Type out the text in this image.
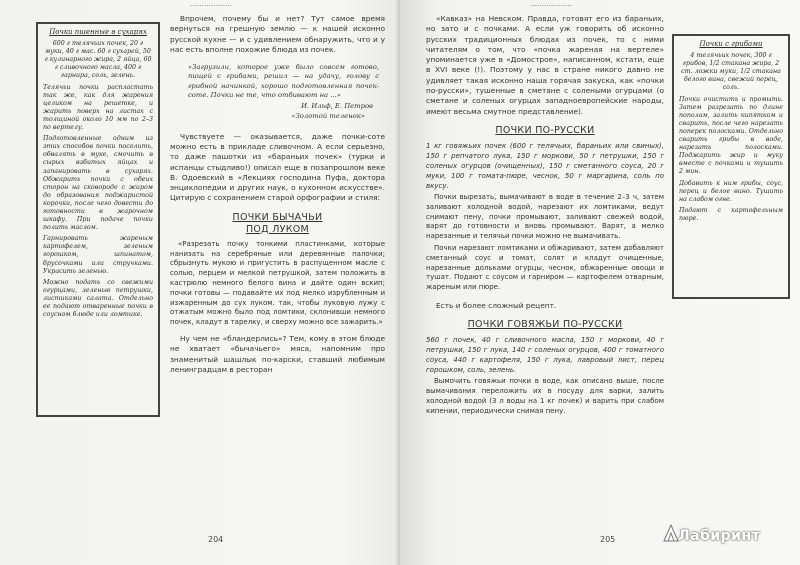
………………
Почки пшенные в сухарях

600 г телячьих почек, 20 г муки, 40 г мас. 60 г сухарей, 50 г кулинарного жира, 2 яйца, 60 г сливочного масла, 400 г гарнира, соль, зелень.

Телячьи почки распластать так же, как для жарения целиком на решетке, и жарить поверх на листах с толщиной около 10 мм по 2–3 по вертелу.

Подготовленные одним из этих способов почки посолить, обвалять в муке, смочить в сырых взбитых яйцах и запанировать в сухарях. Обжарить почки с обеих сторон на сковороде с жиром до образования поджаристой корочки, после чего довести до готовности в жарочном шкафу. При подаче почки полить маслом.

Гарнировать жареным картофелем, зеленым горошком, шпинатом, брусочками или стручками. Украсить зеленью.

Можно подать со свежими огурцами, зеленью петрушки, листиками салата. Отдельно ее подают отваренные почки в соусном блюде или ломтике.

Впрочем, почему бы и нет? Тут самое время вернуться на грешную землю — к нашей исконно русской кухне — и с удивлением обнаружить, что и у нас есть вполне похожие блюда из почек.

«Загрузили, которое уже было совсем готово, пищей с грибами, решил — на удачу, голову с грибной начинкой, хорошо подготовленная почек-соте. Почки не те, что отбивают на ...»
И. Ильф, Е. Петров
«Золотой теленок»

Чувствуете — оказывается, даже почки-соте можно есть в прикладе сливочном. А если серьезно, то даже пашотки из «бараньих почек» (турки и испанцы стыдливо!) описал еще в позапрошлом веке В. Одоевский в «Лекциях господина Пуфа, доктора энциклопедии и других наук, о кухонном искусстве». Цитирую с сохранением старой орфографии и стиля:

ПОЧКИ БЫЧАЧЬИ
ПОД ЛУКОМ

«Разрезать почку тонкими пластинками, которые нанизать на серебряные или деревянные палочки; сбрызнуть мукою и пригустить в распущенном масле с солью, перцем и мелкой петрушкой, затем положить в кастрюлю немного белого вина и дайте один вскип; почки готовы — подавайте их под мелко изрубленным и изжаренным до сух луком. так, чтобы луковую лужу с отжатым можно было под ломтики, склонивши немного почек, кладут в тарелку, и сверху можно все зажарить.»

Ну чем не «бландерлись»? Тем, кому в этом блюде не хватает «бычачьего» мяса, напомним про знаменитый шашлык по-карски, ставший любимым ленинградцам в ресторан

204
………………

«Кавказ» на Невском. Правда, готовят его из бараньих, но зато и с почками. А если уж говорить об исконно русских традиционных блюдах из почек, то с ними читателям о том, что «почка жареная на вертеле» упоминается уже в «Домострое», написанном, кстати, еще в XVI веке (!). Поэтому у нас в стране никого давно не удивляет такая исконно наша горячая закуска, как «почки по-русски», тушенные в сметане с солеными огурцами (о сметане и соленых огурцах западноевропейские народы, имеют весьма смутное представление).

ПОЧКИ ПО-РУССКИ
1 кг говяжьих почек (600 г телячьих, бараньих или свиных), 150 г репчатого лука, 150 г моркови, 50 г петрушки, 150 г соленых огурцов (очищенных), 150 г сметанного соуса, 20 г муки, 100 г томата-пюре, чеснок, 50 г маргарина, соль по вкусу.

Почки вырезать, вымачивают в воде в течение 2–3 ч, затем заливают холодной водой, нарезают их ломтиками, ведут снимают пену, почки промывают, заливают свежей водой, варят до готовности и вновь промывают. Варят, а мелко нарезанные и телячьи почки можно не вымачивать.

Почки нарезают ломтиками и обжаривают, затем добавляют сметанный соус и томат, солят и кладут очищенные, нарезанные дольками огурцы, чеснок, обжаренные овощи и тушат. Подают с соусом и гарниром — картофелем отварным, жареным или пюре.

Есть и более сложный рецепт.

ПОЧКИ ГОВЯЖЬИ ПО-РУССКИ
560 г почек, 40 г сливочного масла, 150 г моркови, 40 г петрушки, 150 г лука, 140 г соленых огурцов, 400 г томатного соуса, 440 г картофеля, 150 г лука, лавровый лист, перец горошком, соль, зелень.

Вымочить говяжьи почки в воде, как описано выше, после вымачивания переложить их в посуду для варки, залить холодной водой (3 л воды на 1 кг почек) и варить при слабом кипении, периодически снимая пену.

Почки с грибами

4 телячьих почек, 300 г грибов, 1/2 стакана жира, 2 ст. ложки муки, 1/2 стакана белого вина, свежий перец, соль.

Почки очистить и промыть. Затем разрезать по длине пополам, залить кипятком и сварить, после чего нарезать поперек полосками. Отдельно сварить грибы в воде, нарезать полосками. Поджарить жир и муку вместе с почками и тушить 2 мин.

Добавить к ним грибы, соус, перец и белое вино. Тушить на слабом огне.

Подают с картофельным пюре.

205	Лабиринт
